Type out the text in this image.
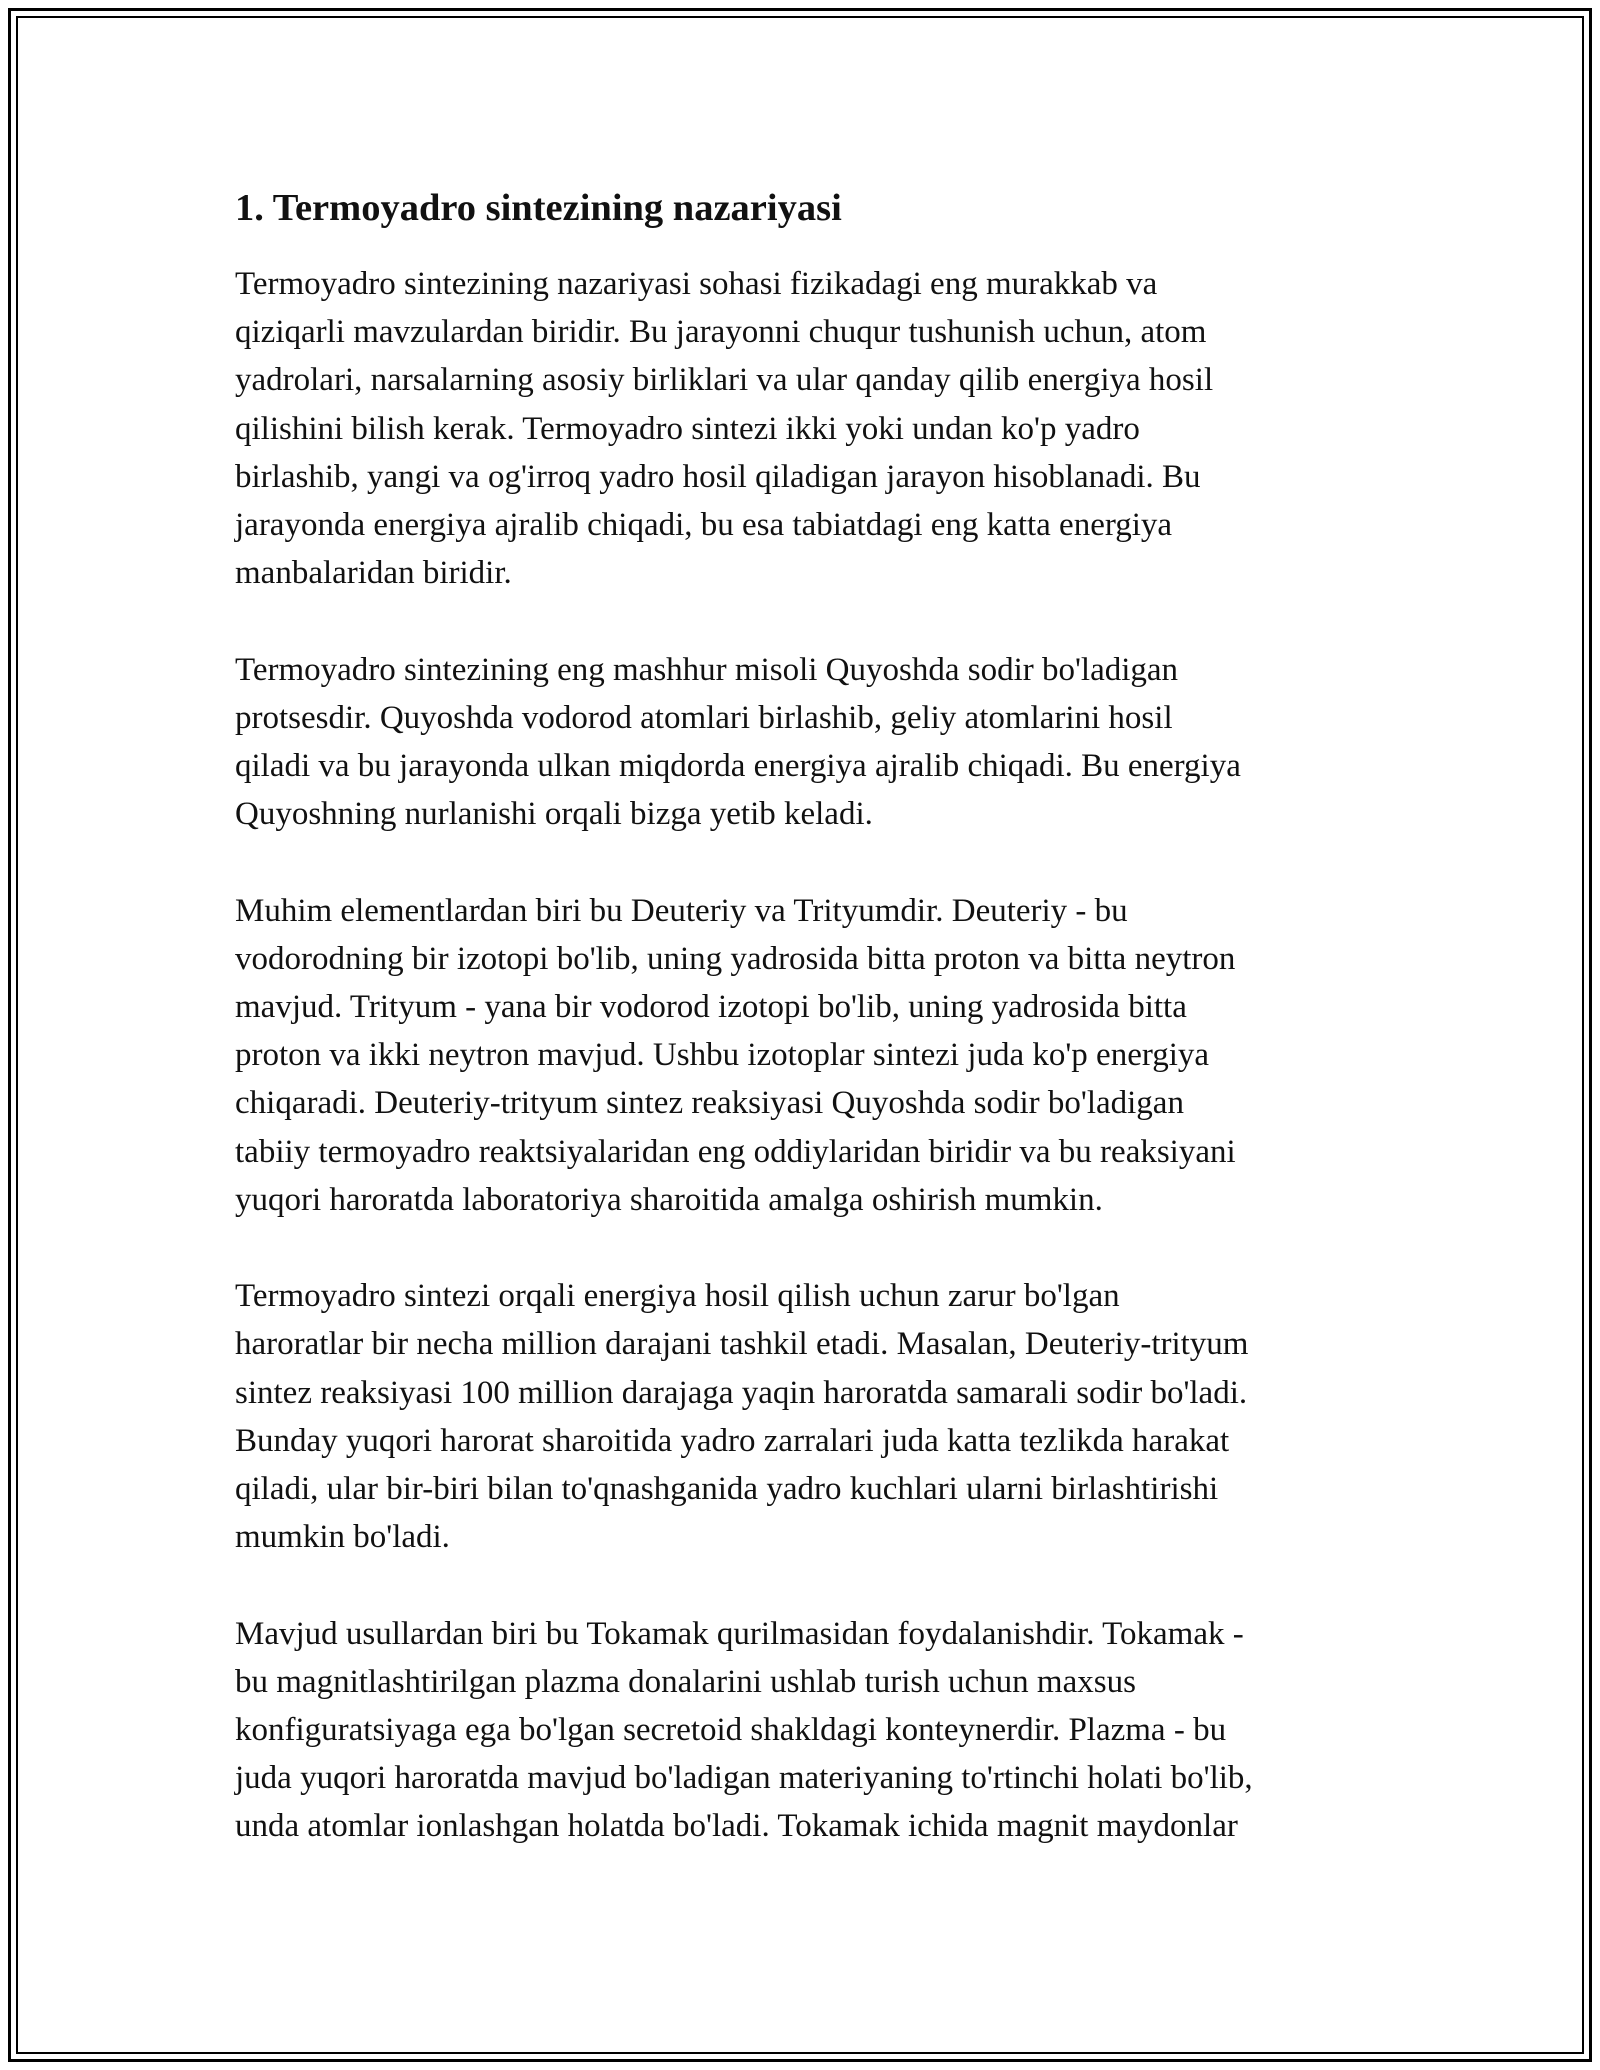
1. Termoyadro sintezining nazariyasi

Termoyadro sintezining nazariyasi sohasi fizikadagi eng murakkab va
qiziqarli mavzulardan biridir. Bu jarayonni chuqur tushunish uchun, atom
yadrolari, narsalarning asosiy birliklari va ular qanday qilib energiya hosil
qilishini bilish kerak. Termoyadro sintezi ikki yoki undan ko'p yadro
birlashib, yangi va og'irroq yadro hosil qiladigan jarayon hisoblanadi. Bu
jarayonda energiya ajralib chiqadi, bu esa tabiatdagi eng katta energiya
manbalaridan biridir.

Termoyadro sintezining eng mashhur misoli Quyoshda sodir bo'ladigan
protsesdir. Quyoshda vodorod atomlari birlashib, geliy atomlarini hosil
qiladi va bu jarayonda ulkan miqdorda energiya ajralib chiqadi. Bu energiya
Quyoshning nurlanishi orqali bizga yetib keladi.

Muhim elementlardan biri bu Deuteriy va Trityumdir. Deuteriy - bu
vodorodning bir izotopi bo'lib, uning yadrosida bitta proton va bitta neytron
mavjud. Trityum - yana bir vodorod izotopi bo'lib, uning yadrosida bitta
proton va ikki neytron mavjud. Ushbu izotoplar sintezi juda ko'p energiya
chiqaradi. Deuteriy-trityum sintez reaksiyasi Quyoshda sodir bo'ladigan
tabiiy termoyadro reaktsiyalaridan eng oddiylaridan biridir va bu reaksiyani
yuqori haroratda laboratoriya sharoitida amalga oshirish mumkin.

Termoyadro sintezi orqali energiya hosil qilish uchun zarur bo'lgan
haroratlar bir necha million darajani tashkil etadi. Masalan, Deuteriy-trityum
sintez reaksiyasi 100 million darajaga yaqin haroratda samarali sodir bo'ladi.
Bunday yuqori harorat sharoitida yadro zarralari juda katta tezlikda harakat
qiladi, ular bir-biri bilan to'qnashganida yadro kuchlari ularni birlashtirishi
mumkin bo'ladi.

Mavjud usullardan biri bu Tokamak qurilmasidan foydalanishdir. Tokamak -
bu magnitlashtirilgan plazma donalarini ushlab turish uchun maxsus
konfiguratsiyaga ega bo'lgan secretoid shakldagi konteynerdir. Plazma - bu
juda yuqori haroratda mavjud bo'ladigan materiyaning to'rtinchi holati bo'lib,
unda atomlar ionlashgan holatda bo'ladi. Tokamak ichida magnit maydonlar
